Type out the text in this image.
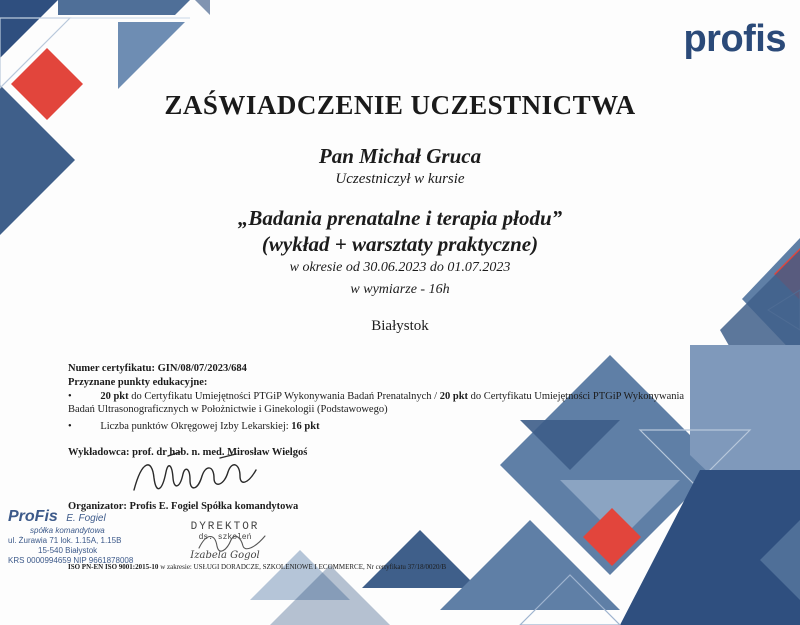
profis
ZAŚWIADCZENIE UCZESTNICTWA
Pan Michał Gruca
Uczestniczył w kursie
„Badania prenatalne i terapia płodu”
(wykład + warsztaty praktyczne)
w okresie od 30.06.2023 do 01.07.2023
w wymiarze - 16h
Białystok
Numer certyfikatu: GIN/08/07/2023/684
Przyznane punkty edukacyjne:
•	20 pkt do Certyfikatu Umiejętności PTGiP Wykonywania Badań Prenatalnych / 20 pkt do Certyfikatu Umiejętności PTGiP Wykonywania
Badań Ultrasonograficznych w Położnictwie i Ginekologii (Podstawowego)
•	Liczba punktów Okręgowej Izby Lekarskiej: 16 pkt
Wykładowca: prof. dr hab. n. med. Mirosław Wielgoś
Organizator: Profis E. Fogiel Spółka komandytowa
ProFis E. Fogiel
spółka komandytowa
ul. Żurawia 71 lok. 1.15A, 1.15B
15-540 Białystok
KRS 0000994659 NIP 9661878008
DYREKTOR
ds. szkoleń
Izabela Gogol
ISO PN-EN ISO 9001:2015-10 w zakresie: USŁUGI DORADCZE, SZKOLENIOWE I ECOMMERCE, Nr certyfikatu 37/18/0020/B
